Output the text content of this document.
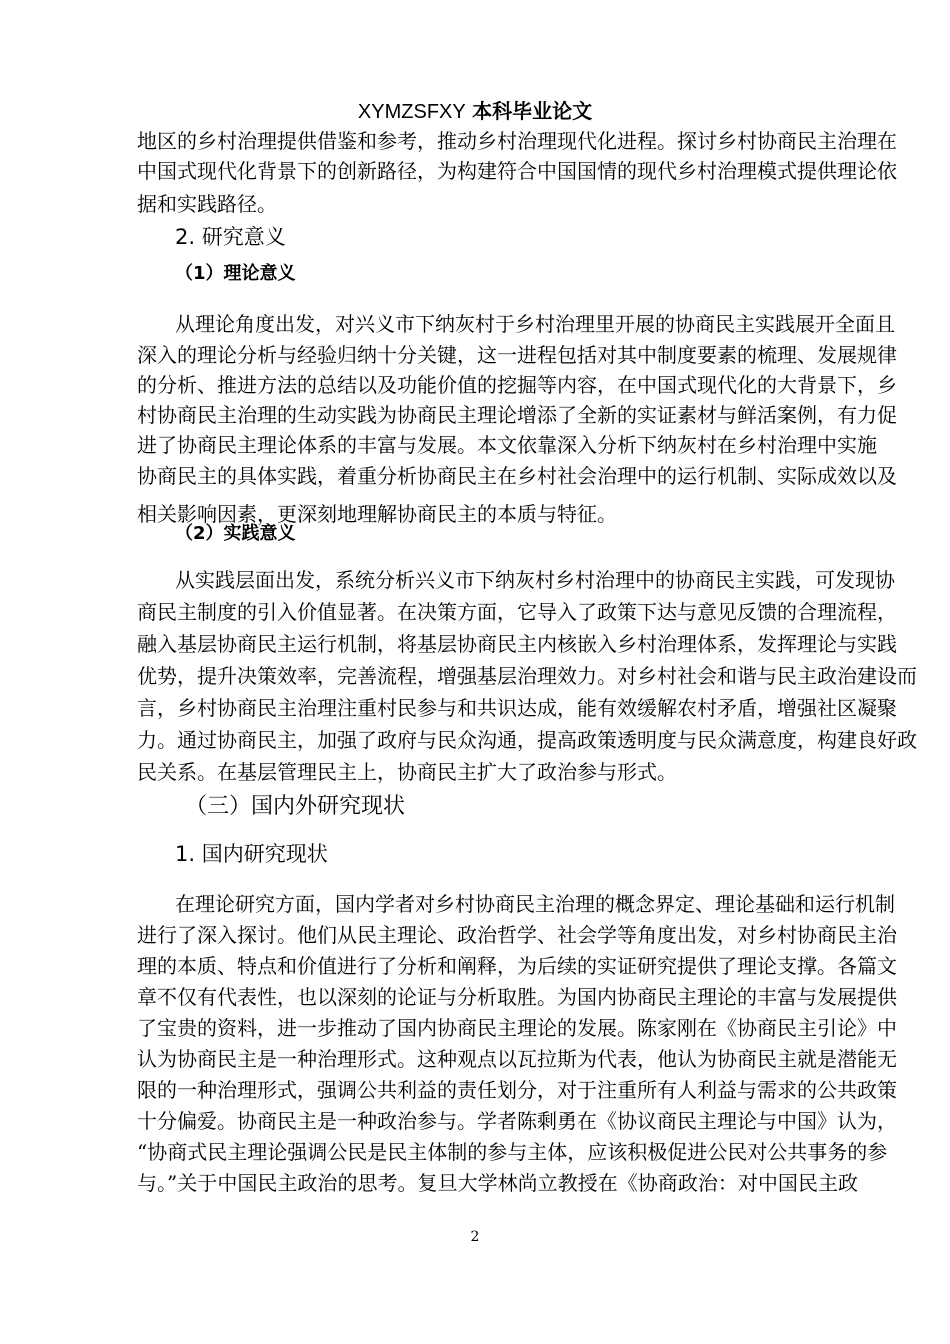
XYMZSFXY 本科毕业论文
地区的乡村治理提供借鉴和参考，推动乡村治理现代化进程。探讨乡村协商民主治理在
中国式现代化背景下的创新路径，为构建符合中国国情的现代乡村治理模式提供理论依
据和实践路径。
2. 研究意义
（1）理论意义
从理论角度出发，对兴义市下纳灰村于乡村治理里开展的协商民主实践展开全面且
深入的理论分析与经验归纳十分关键，这一进程包括对其中制度要素的梳理、发展规律
的分析、推进方法的总结以及功能价值的挖掘等内容，在中国式现代化的大背景下，乡
村协商民主治理的生动实践为协商民主理论增添了全新的实证素材与鲜活案例，有力促
进了协商民主理论体系的丰富与发展。本文依靠深入分析下纳灰村在乡村治理中实施
协商民主的具体实践，着重分析协商民主在乡村社会治理中的运行机制、实际成效以及
相关影响因素，更深刻地理解协商民主的本质与特征。
（2）实践意义
从实践层面出发，系统分析兴义市下纳灰村乡村治理中的协商民主实践，可发现协
商民主制度的引入价值显著。在决策方面，它导入了政策下达与意见反馈的合理流程，
融入基层协商民主运行机制，将基层协商民主内核嵌入乡村治理体系，发挥理论与实践
优势，提升决策效率，完善流程，增强基层治理效力。对乡村社会和谐与民主政治建设而
言，乡村协商民主治理注重村民参与和共识达成，能有效缓解农村矛盾，增强社区凝聚
力。通过协商民主，加强了政府与民众沟通，提高政策透明度与民众满意度，构建良好政
民关系。在基层管理民主上，协商民主扩大了政治参与形式。
（三）国内外研究现状
1. 国内研究现状
在理论研究方面，国内学者对乡村协商民主治理的概念界定、理论基础和运行机制
进行了深入探讨。他们从民主理论、政治哲学、社会学等角度出发，对乡村协商民主治
理的本质、特点和价值进行了分析和阐释，为后续的实证研究提供了理论支撑。各篇文
章不仅有代表性，也以深刻的论证与分析取胜。为国内协商民主理论的丰富与发展提供
了宝贵的资料，进一步推动了国内协商民主理论的发展。陈家刚在《协商民主引论》中
认为协商民主是一种治理形式。这种观点以瓦拉斯为代表，他认为协商民主就是潜能无
限的一种治理形式，强调公共利益的责任划分，对于注重所有人利益与需求的公共政策
十分偏爱。协商民主是一种政治参与。学者陈剩勇在《协议商民主理论与中国》认为，
“协商式民主理论强调公民是民主体制的参与主体，应该积极促进公民对公共事务的参
与。”关于中国民主政治的思考。复旦大学林尚立教授在《协商政治：对中国民主政
2
